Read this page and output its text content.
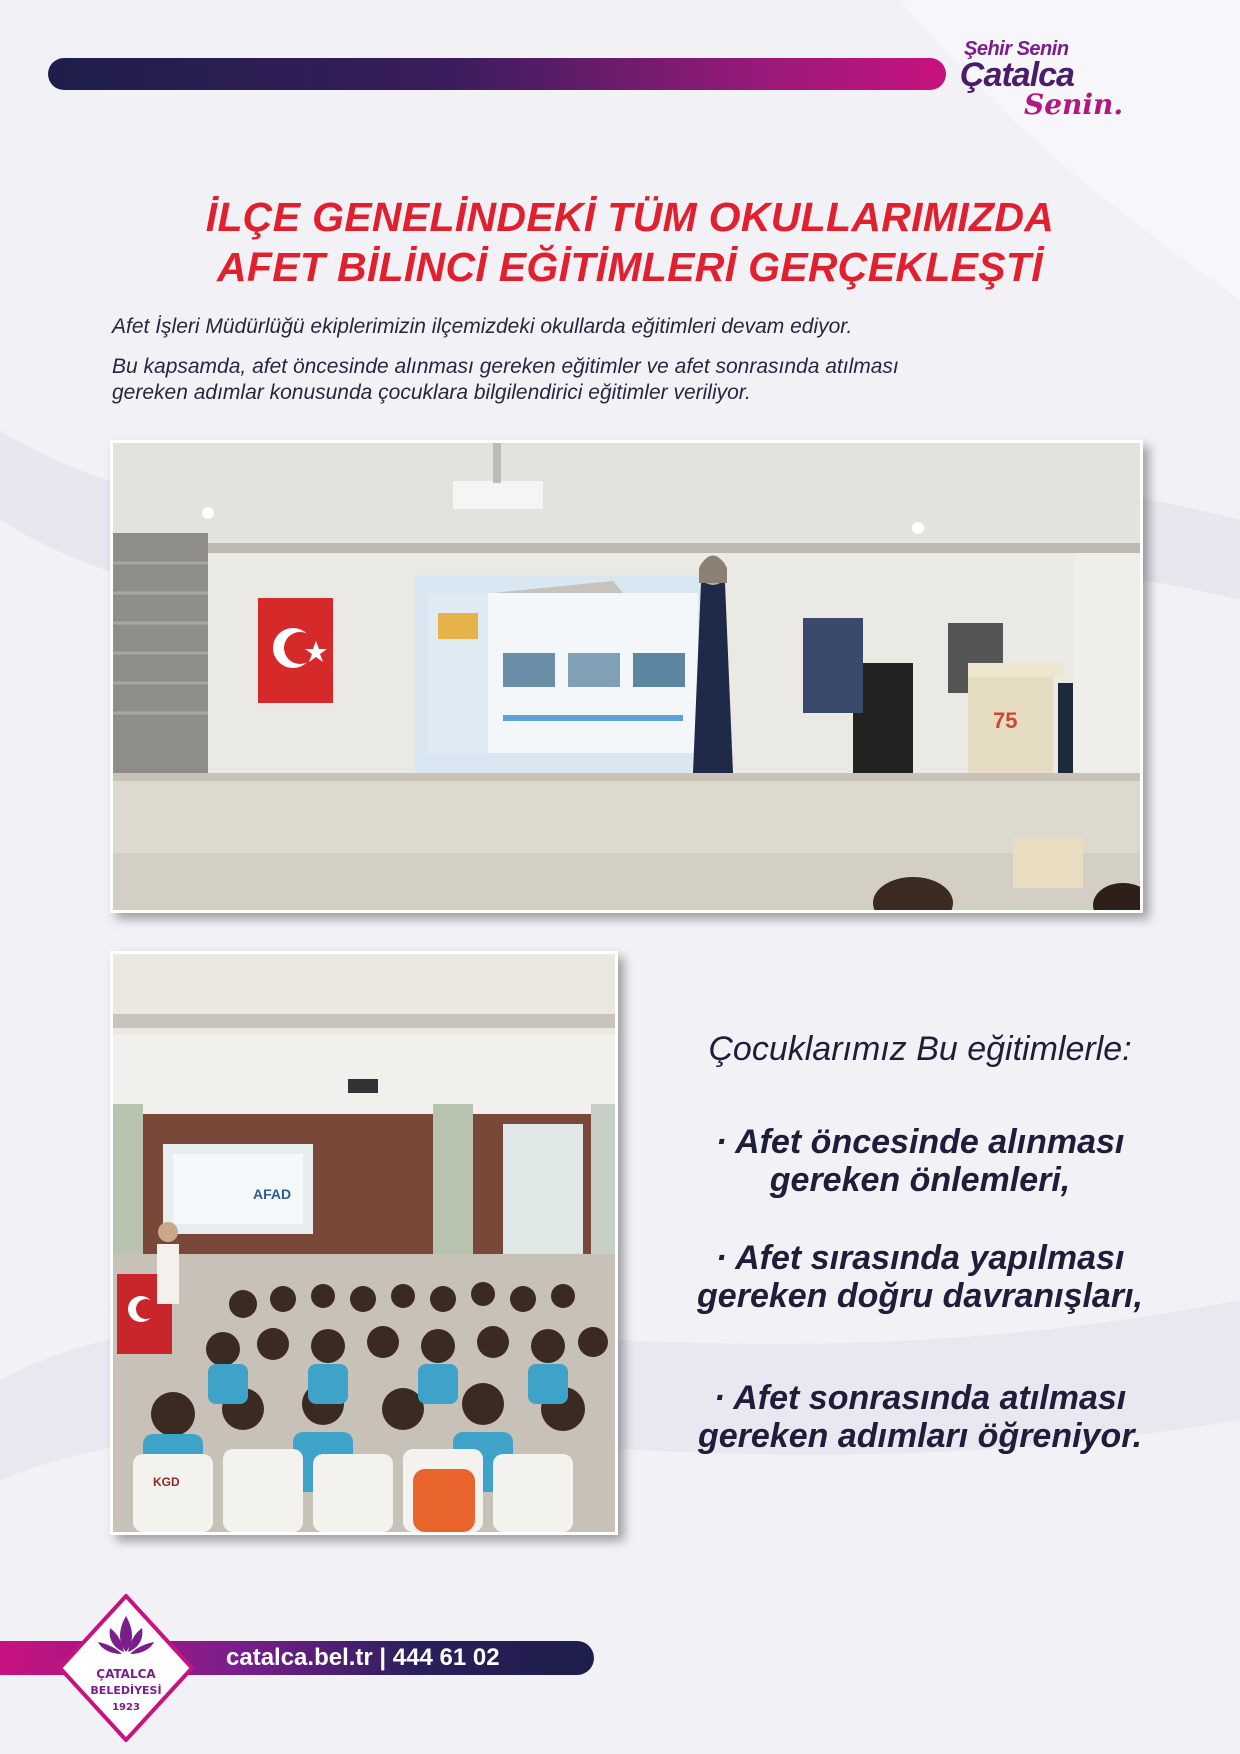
Şehir Senin
Çatalca
Senin.
İLÇE GENELİNDEKİ TÜM OKULLARIMIZDA
AFET BİLİNCİ EĞİTİMLERİ GERÇEKLEŞTİ

Afet İşleri Müdürlüğü ekiplerimizin ilçemizdeki okullarda eğitimleri devam ediyor.

Bu kapsamda, afet öncesinde alınması gereken eğitimler ve afet sonrasında atılması
gereken adımlar konusunda çocuklara bilgilendirici eğitimler veriliyor.

75
AFAD
KGD
Çocuklarımız Bu eğitimlerle:
· Afet öncesinde alınması
gereken önlemleri,
· Afet sırasında yapılması
gereken doğru davranışları,
· Afet sonrasında atılması
gereken adımları öğreniyor.
catalca.bel.tr | 444 61 02
ÇATALCA
BELEDİYESİ
1923
